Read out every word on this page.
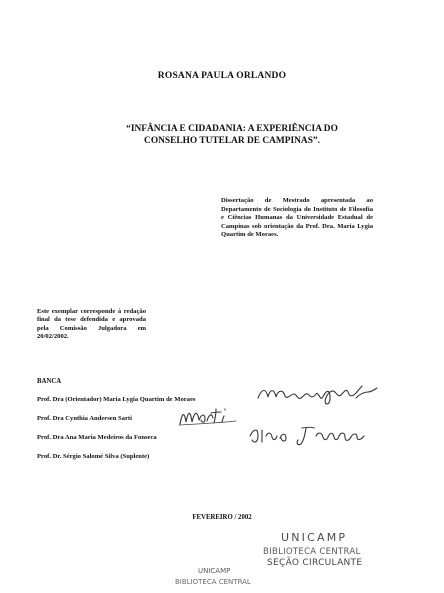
ROSANA PAULA ORLANDO
“INFÂNCIA E CIDADANIA: A EXPERIÊNCIA DO CONSELHO TUTELAR DE CAMPINAS”.
Dissertação de Mestrado apresentada ao Departamento de Sociologia do Instituto de Filosofia e Ciências Humanas da Universidade Estadual de Campinas sob orientação da Prof. Dra. Maria Lygia Quartim de Moraes.
Este exemplar corresponde à redação final da tese defendida e aprovada pela Comissão Julgadora em 20/02/2002.
BANCA
Prof. Dra (Orientador) Maria Lygia Quartim de Moraes
Prof. Dra Cynthia Andersen Sarti
Prof. Dra Ana Maria Medeiros da Fonseca
Prof. Dr. Sérgio Salomé Silva (Suplente)
FEVEREIRO / 2002
UNICAMP
BIBLIOTECA CENTRAL
SEÇÃO CIRCULANTE
UNICAMP
BIBLIOTECA CENTRAL
